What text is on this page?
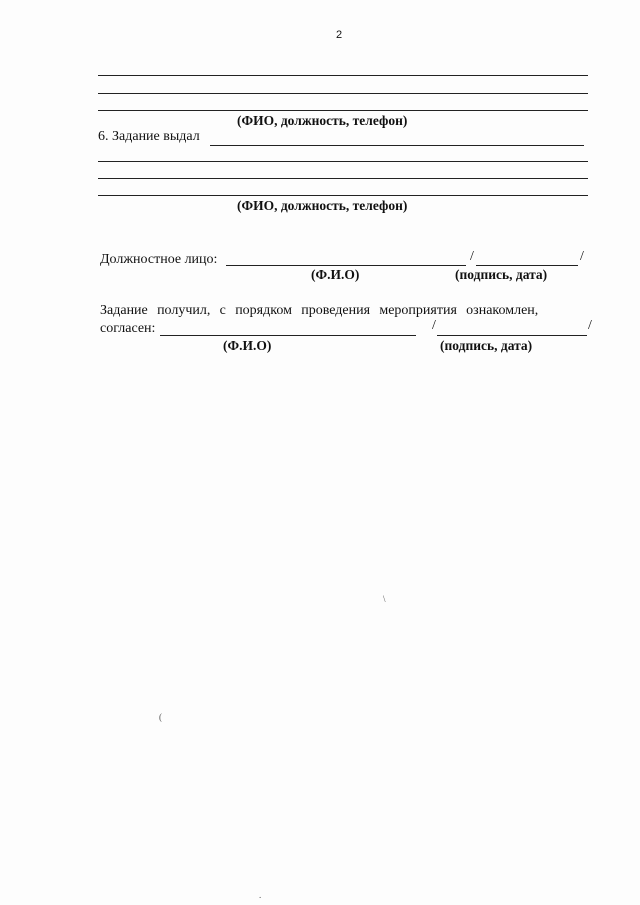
2
(ФИО, должность, телефон)
6. Задание выдал
(ФИО, должность, телефон)
Должностное лицо:	/	/
(Ф.И.О)	(подпись, дата)
Задание получил, с порядком проведения мероприятия ознакомлен,
согласен:	/	/
(Ф.И.О)	(подпись, дата)
\
(
.
